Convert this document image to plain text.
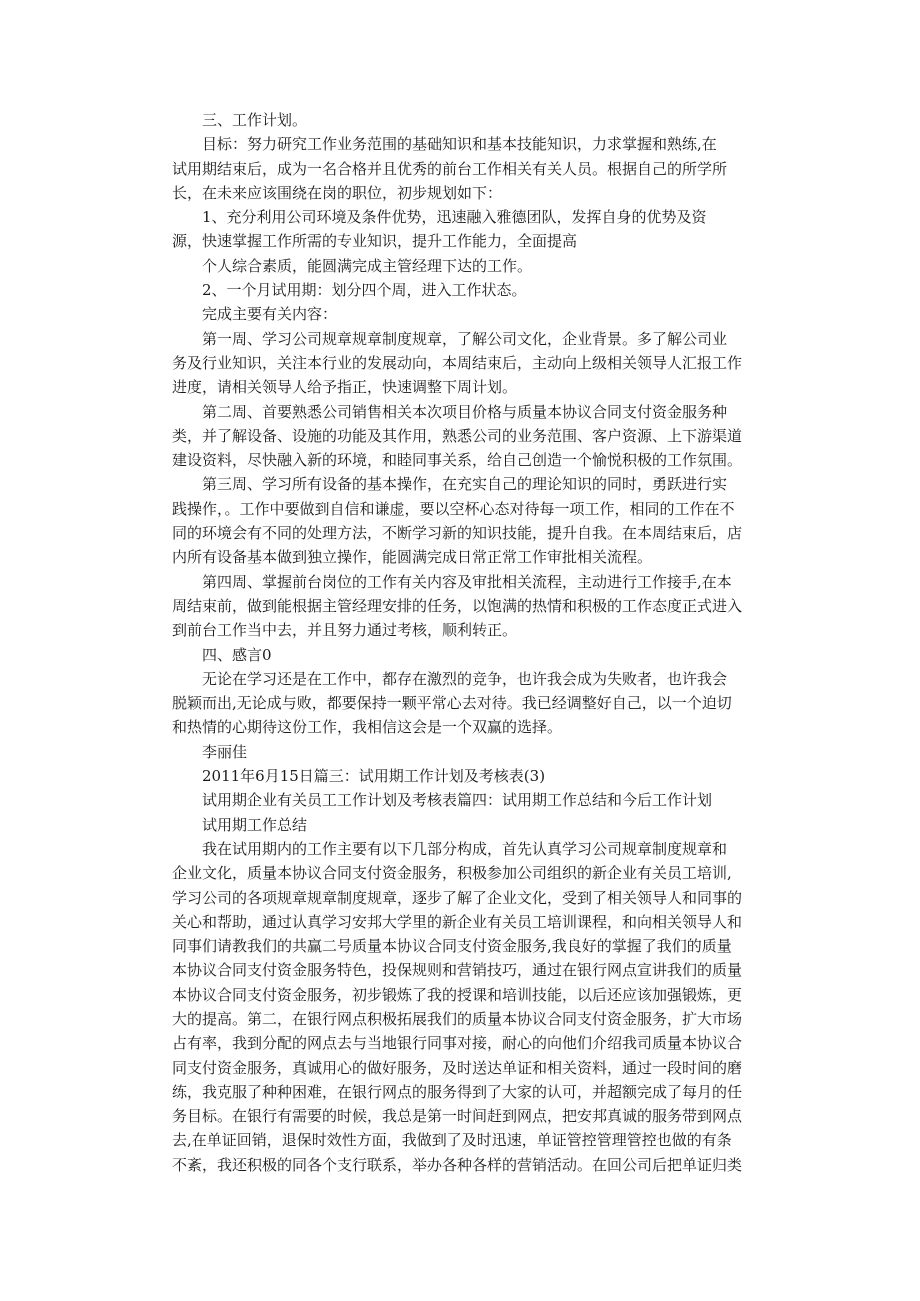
三、工作计划。
目标：努力研究工作业务范围的基础知识和基本技能知识，力求掌握和熟练,在
试用期结束后，成为一名合格并且优秀的前台工作相关有关人员。根据自己的所学所
长，在未来应该围绕在岗的职位，初步规划如下：
1、充分利用公司环境及条件优势，迅速融入雅德团队，发挥自身的优势及资
源，快速掌握工作所需的专业知识，提升工作能力，全面提高
个人综合素质，能圆满完成主管经理下达的工作。
2、一个月试用期：划分四个周，进入工作状态。
完成主要有关内容：
第一周、学习公司规章规章制度规章，了解公司文化，企业背景。多了解公司业
务及行业知识，关注本行业的发展动向，本周结束后，主动向上级相关领导人汇报工作
进度，请相关领导人给予指正，快速调整下周计划。
第二周、首要熟悉公司销售相关本次项目价格与质量本协议合同支付资金服务种
类，并了解设备、设施的功能及其作用，熟悉公司的业务范围、客户资源、上下游渠道
建设资料，尽快融入新的环境，和睦同事关系，给自己创造一个愉悦积极的工作氛围。
第三周、学习所有设备的基本操作，在充实自己的理论知识的同时，勇跃进行实
践操作，。工作中要做到自信和谦虚，要以空杯心态对待每一项工作，相同的工作在不
同的环境会有不同的处理方法，不断学习新的知识技能，提升自我。在本周结束后，店
内所有设备基本做到独立操作，能圆满完成日常正常工作审批相关流程。
第四周、掌握前台岗位的工作有关内容及审批相关流程，主动进行工作接手,在本
周结束前，做到能根据主管经理安排的任务，以饱满的热情和积极的工作态度正式进入
到前台工作当中去，并且努力通过考核，顺利转正。
四、感言0
无论在学习还是在工作中，都存在激烈的竞争，也许我会成为失败者，也许我会
脱颖而出,无论成与败，都要保持一颗平常心去对待。我已经调整好自己，以一个迫切
和热情的心期待这份工作，我相信这会是一个双赢的选择。
李丽佳
2011年6月15日篇三：试用期工作计划及考核表(3)
试用期企业有关员工工作计划及考核表篇四：试用期工作总结和今后工作计划
试用期工作总结
我在试用期内的工作主要有以下几部分构成，首先认真学习公司规章制度规章和
企业文化，质量本协议合同支付资金服务，积极参加公司组织的新企业有关员工培训,
学习公司的各项规章规章制度规章，逐步了解了企业文化，受到了相关领导人和同事的
关心和帮助，通过认真学习安邦大学里的新企业有关员工培训课程，和向相关领导人和
同事们请教我们的共赢二号质量本协议合同支付资金服务,我良好的掌握了我们的质量
本协议合同支付资金服务特色，投保规则和营销技巧，通过在银行网点宣讲我们的质量
本协议合同支付资金服务，初步锻炼了我的授课和培训技能，以后还应该加强锻炼，更
大的提高。第二，在银行网点积极拓展我们的质量本协议合同支付资金服务，扩大市场
占有率，我到分配的网点去与当地银行同事对接，耐心的向他们介绍我司质量本协议合
同支付资金服务，真诚用心的做好服务，及时送达单证和相关资料，通过一段时间的磨
练，我克服了种种困难，在银行网点的服务得到了大家的认可，并超额完成了每月的任
务目标。在银行有需要的时候，我总是第一时间赶到网点，把安邦真诚的服务带到网点
去,在单证回销，退保时效性方面，我做到了及时迅速，单证管控管理管控也做的有条
不紊，我还积极的同各个支行联系，举办各种各样的营销活动。在回公司后把单证归类
